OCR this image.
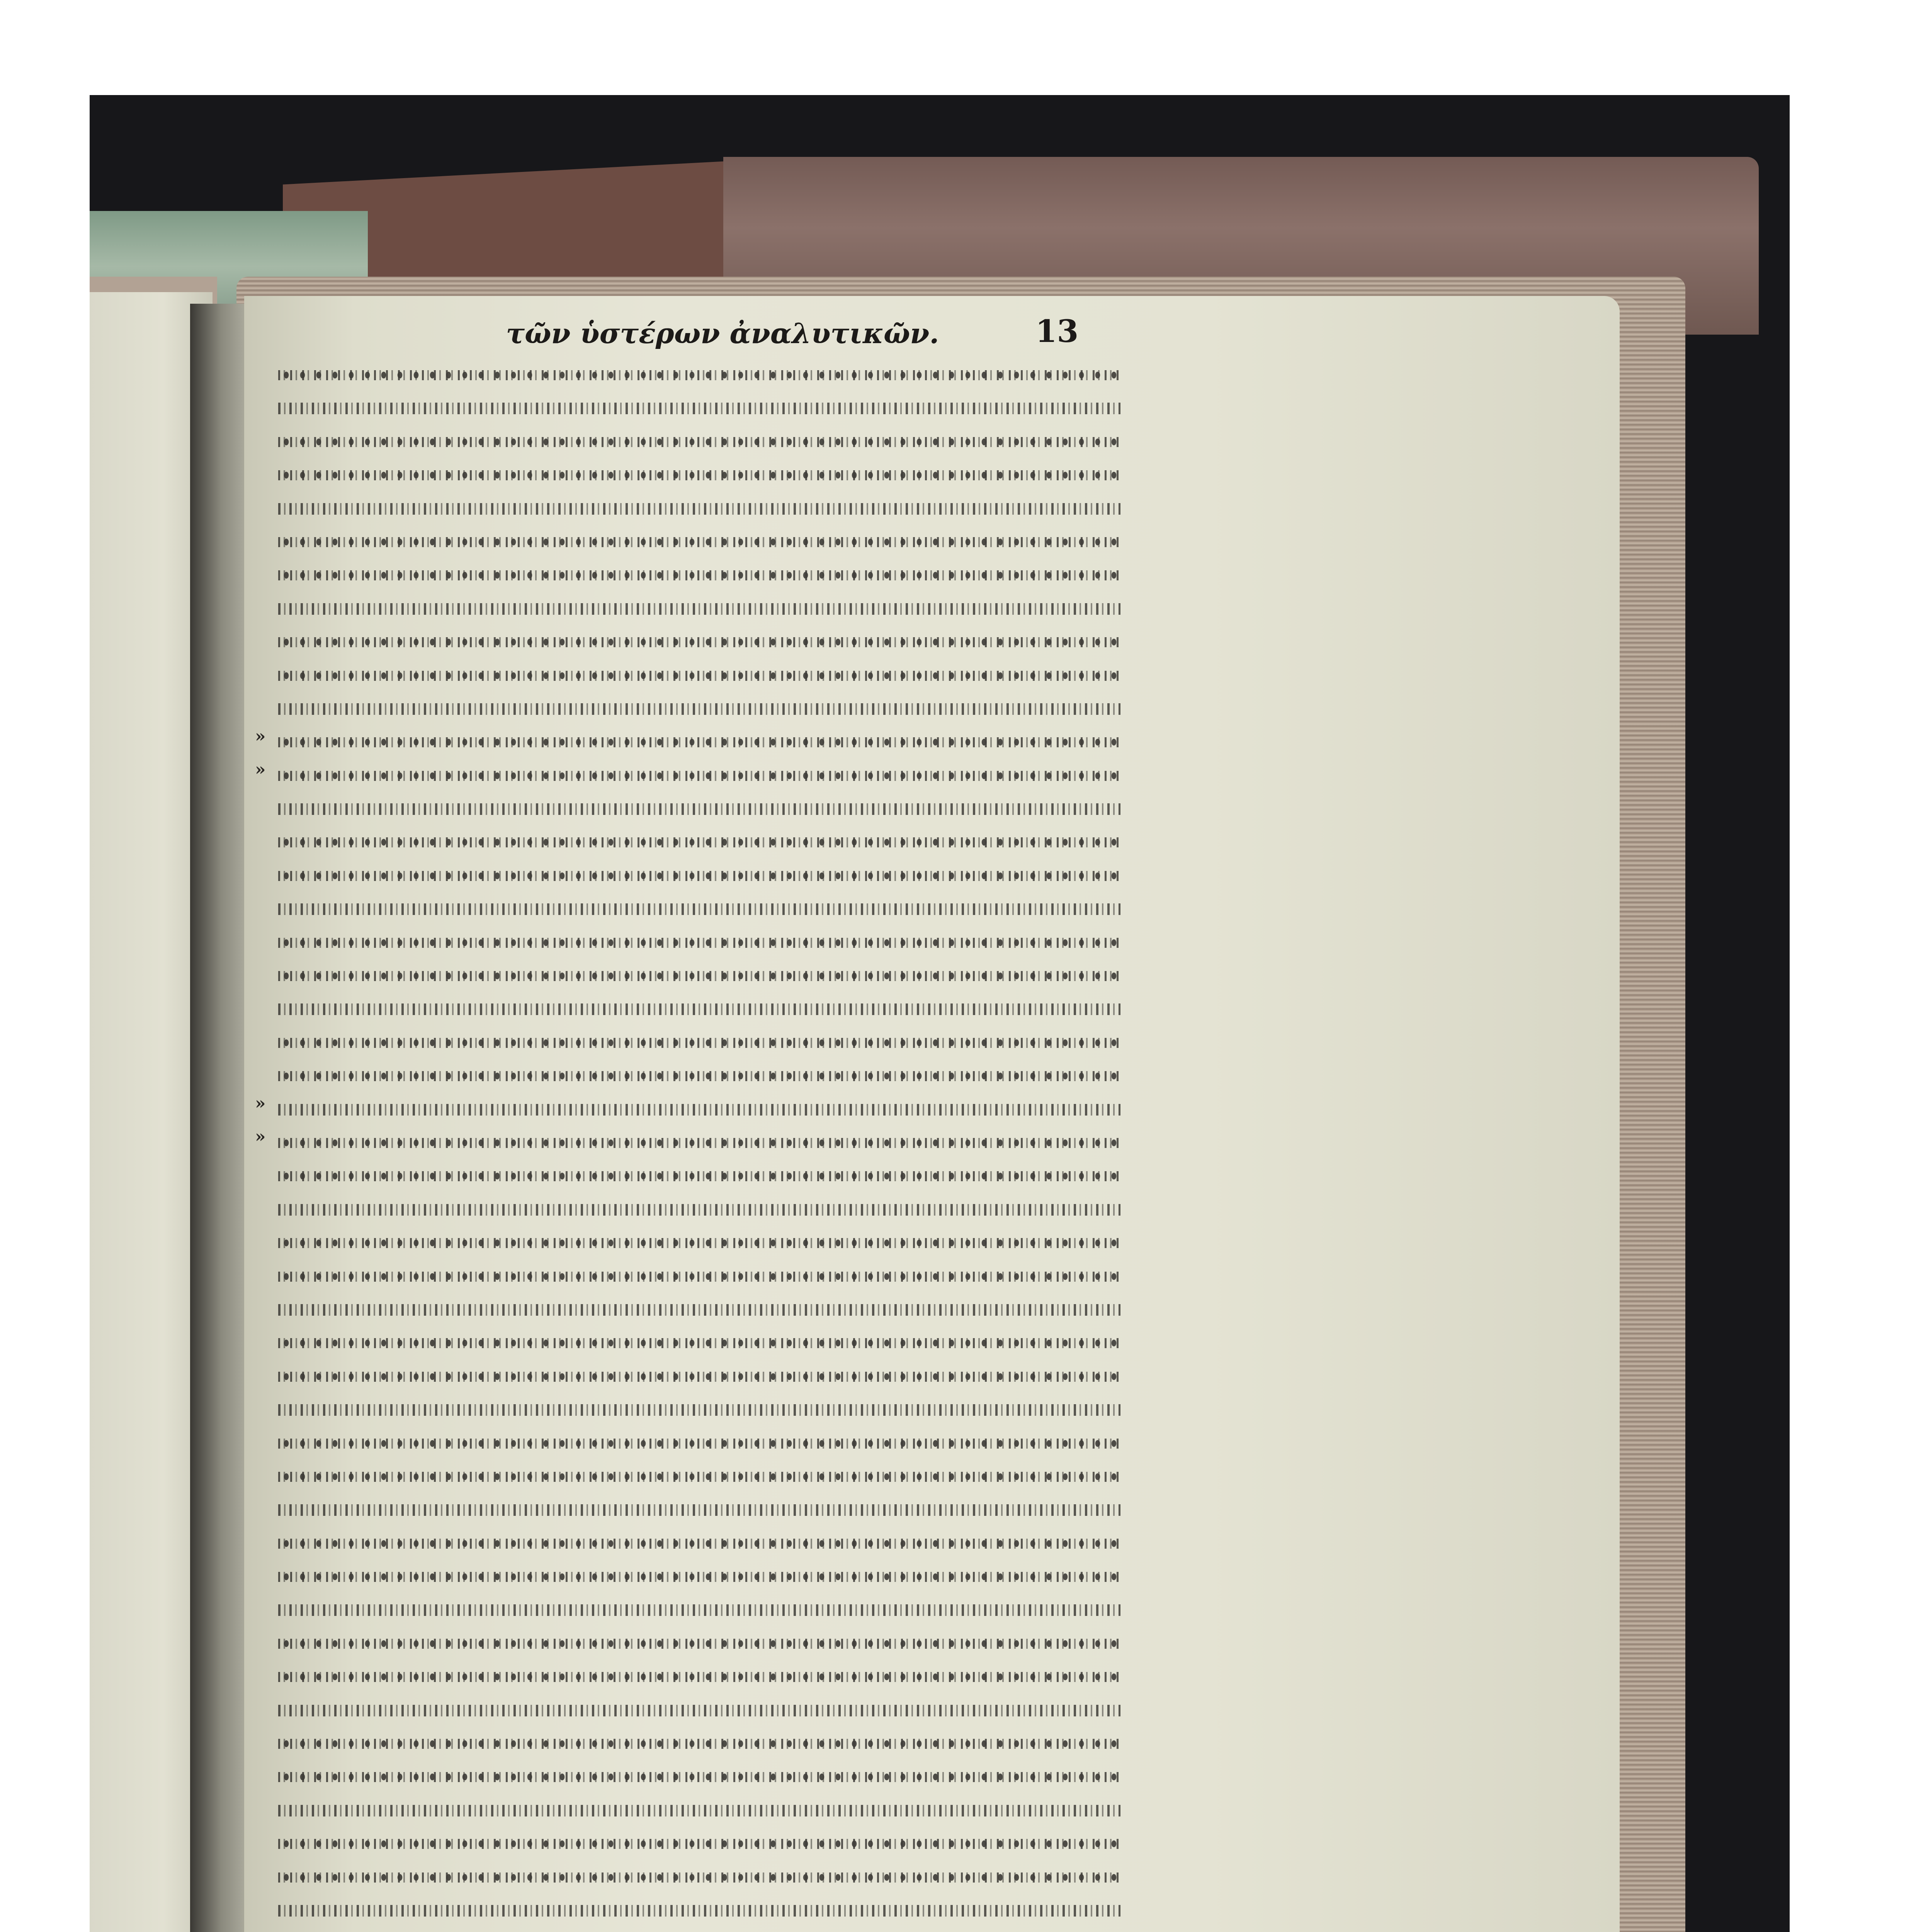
τῶν ὑστέρων ἀναλυτικῶν.	13
»
»
»
»
